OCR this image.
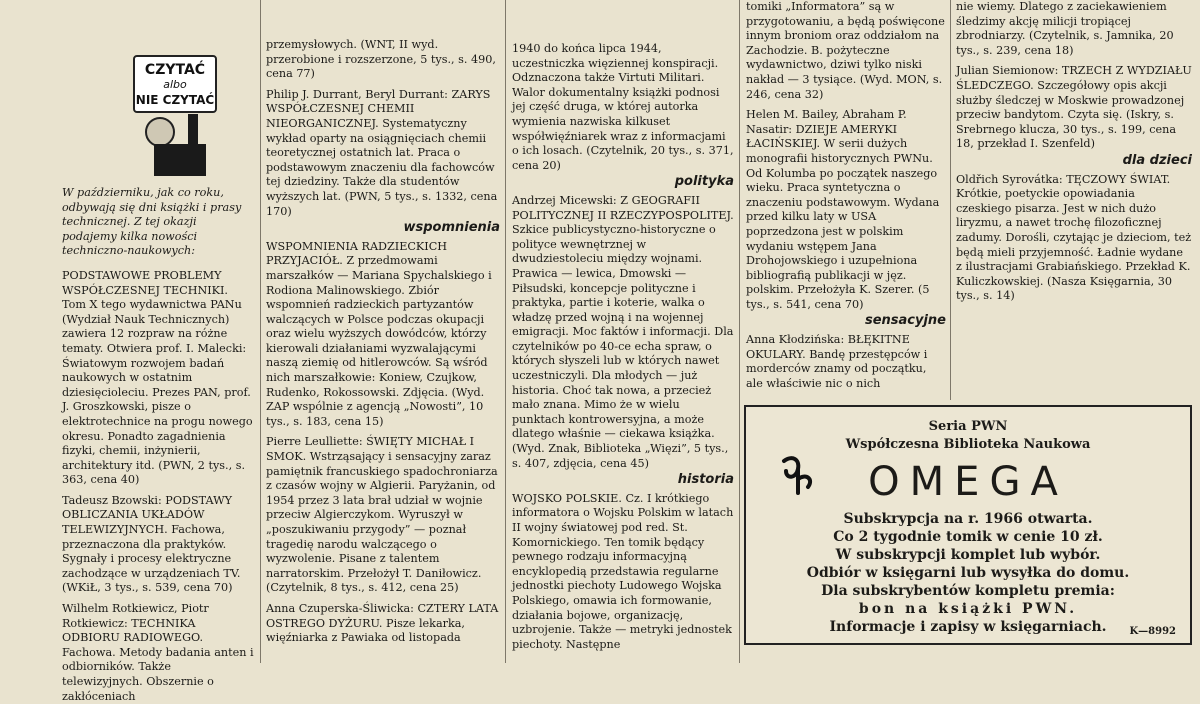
CZYTAĆ
albo
NIE CZYTAĆ

W październiku, jak co roku, odbywają się dni książki i prasy technicznej. Z tej okazji podajemy kilka nowości techniczno-naukowych:

PODSTAWOWE PROBLEMY WSPÓŁCZESNEJ TECHNIKI. Tom X tego wydawnictwa PANu (Wydział Nauk Technicznych) zawiera 12 rozpraw na różne tematy. Otwiera prof. I. Malecki: Światowym rozwojem badań naukowych w ostatnim dziesięcioleciu. Prezes PAN, prof. J. Groszkowski, pisze o elektrotechnice na progu nowego okresu. Ponadto zagadnienia fizyki, chemii, inżynierii, architektury itd. (PWN, 2 tys., s. 363, cena 40)

Tadeusz Bzowski: PODSTAWY OBLICZANIA UKŁADÓW TELEWIZYJNYCH. Fachowa, przeznaczona dla praktyków. Sygnały i procesy elektryczne zachodzące w urządzeniach TV. (WKiŁ, 3 tys., s. 539, cena 70)

Wilhelm Rotkiewicz, Piotr Rotkiewicz: TECHNIKA ODBIORU RADIOWEGO. Fachowa. Metody badania anten i odbiorników. Także telewizyjnych. Obszernie o zakłóceniach

przemysłowych. (WNT, II wyd. przerobione i rozszerzone, 5 tys., s. 490, cena 77)

Philip J. Durrant, Beryl Durrant: ZARYS WSPÓŁCZESNEJ CHEMII NIEORGANICZNEJ. Systematyczny wykład oparty na osiągnięciach chemii teoretycznej ostatnich lat. Praca o podstawowym znaczeniu dla fachowców tej dziedziny. Także dla studentów wyższych lat. (PWN, 5 tys., s. 1332, cena 170)

wspomnienia

WSPOMNIENIA RADZIECKICH PRZYJACIÓŁ. Z przedmowami marszałków — Mariana Spychalskiego i Rodiona Malinowskiego. Zbiór wspomnień radzieckich partyzantów walczących w Polsce podczas okupacji oraz wielu wyższych dowódców, którzy kierowali działaniami wyzwalającymi naszą ziemię od hitlerowców. Są wśród nich marszałkowie: Koniew, Czujkow, Rudenko, Rokossowski. Zdjęcia. (Wyd. ZAP wspólnie z agencją „Nowosti”, 10 tys., s. 183, cena 15)

Pierre Leulliette: ŚWIĘTY MICHAŁ I SMOK. Wstrząsający i sensacyjny zaraz pamiętnik francuskiego spadochroniarza z czasów wojny w Algierii. Paryżanin, od 1954 przez 3 lata brał udział w wojnie przeciw Algierczykom. Wyruszył w „poszukiwaniu przygody” — poznał tragedię narodu walczącego o wyzwolenie. Pisane z talentem narratorskim. Przełożył T. Daniłowicz. (Czytelnik, 8 tys., s. 412, cena 25)

Anna Czuperska-Śliwicka: CZTERY LATA OSTREGO DYŻURU. Pisze lekarka, więźniarka z Pawiaka od listopada

1940 do końca lipca 1944, uczestniczka więziennej konspiracji. Odznaczona także Virtuti Militari. Walor dokumentalny książki podnosi jej część druga, w której autorka wymienia nazwiska kilkuset współwięźniarek wraz z informacjami o ich losach. (Czytelnik, 20 tys., s. 371, cena 20)

polityka

Andrzej Micewski: Z GEOGRAFII POLITYCZNEJ II RZECZYPOSPOLITEJ. Szkice publicystyczno-historyczne o polityce wewnętrznej w dwudziestoleciu między wojnami. Prawica — lewica, Dmowski — Piłsudski, koncepcje polityczne i praktyka, partie i koterie, walka o władzę przed wojną i na wojennej emigracji. Moc faktów i informacji. Dla czytelników po 40-ce echa spraw, o których słyszeli lub w których nawet uczestniczyli. Dla młodych — już historia. Choć tak nowa, a przecież mało znana. Mimo że w wielu punktach kontrowersyjna, a może dlatego właśnie — ciekawa książka. (Wyd. Znak, Biblioteka „Więzi”, 5 tys., s. 407, zdjęcia, cena 45)

historia

WOJSKO POLSKIE. Cz. I krótkiego informatora o Wojsku Polskim w latach II wojny światowej pod red. St. Komornickiego. Ten tomik będący pewnego rodzaju informacyjną encyklopedią przedstawia regularne jednostki piechoty Ludowego Wojska Polskiego, omawia ich formowanie, działania bojowe, organizację, uzbrojenie. Także — metryki jednostek piechoty. Następne

tomiki „Informatora” są w przygotowaniu, a będą poświęcone innym broniom oraz oddziałom na Zachodzie. B. pożyteczne wydawnictwo, dziwi tylko niski nakład — 3 tysiące. (Wyd. MON, s. 246, cena 32)

Helen M. Bailey, Abraham P. Nasatir: DZIEJE AMERYKI ŁACIŃSKIEJ. W serii dużych monografii historycznych PWNu. Od Kolumba po początek naszego wieku. Praca syntetyczna o znaczeniu podstawowym. Wydana przed kilku laty w USA poprzedzona jest w polskim wydaniu wstępem Jana Drohojowskiego i uzupełniona bibliografią publikacji w jęz. polskim. Przełożyła K. Szerer. (5 tys., s. 541, cena 70)

sensacyjne

Anna Kłodzińska: BŁĘKITNE OKULARY. Bandę przestępców i morderców znamy od początku, ale właściwie nic o nich

nie wiemy. Dlatego z zaciekawieniem śledzimy akcję milicji tropiącej zbrodniarzy. (Czytelnik, s. Jamnika, 20 tys., s. 239, cena 18)

Julian Siemionow: TRZECH Z WYDZIAŁU ŚLEDCZEGO. Szczegółowy opis akcji służby śledczej w Moskwie prowadzonej przeciw bandytom. Czyta się. (Iskry, s. Srebrnego klucza, 30 tys., s. 199, cena 18, przekład I. Szenfeld)

dla dzieci

Oldřich Syrovátka: TĘCZOWY ŚWIAT. Krótkie, poetyckie opowiadania czeskiego pisarza. Jest w nich dużo liryzmu, a nawet trochę filozoficznej zadumy. Dorośli, czytając je dzieciom, też będą mieli przyjemność. Ładnie wydane z ilustracjami Grabiańskiego. Przekład K. Kuliczkowskiej. (Nasza Księgarnia, 30 tys., s. 14)

Seria PWN
Współczesna Biblioteka Naukowa
OMEGA
Subskrypcja na r. 1966 otwarta.
Co 2 tygodnie tomik w cenie 10 zł.
W subskrypcji komplet lub wybór.
Odbiór w księgarni lub wysyłka do domu.
Dla subskrybentów kompletu premia:
bon na książki PWN.
Informacje i zapisy w księgarniach.	K—8992
